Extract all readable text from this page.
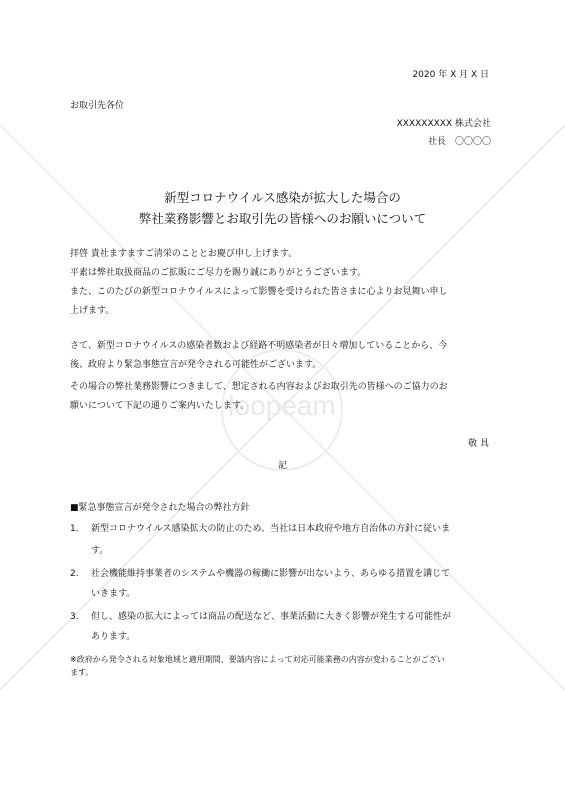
loopeam
2020 年 X 月 X 日
お取引先各位
XXXXXXXXX 株式会社
社長　〇〇〇〇
新型コロナウイルス感染が拡大した場合の
弊社業務影響とお取引先の皆様へのお願いについて
拝啓 貴社ますますご清栄のこととお慶び申し上げます。
平素は弊社取扱商品のご拡販にご尽力を賜り誠にありがとうございます。
また、このたびの新型コロナウイルスによって影響を受けられた皆さまに心よりお見舞い申し
上げます。
さて、新型コロナウイルスの感染者数および経路不明感染者が日々増加していることから、今
後、政府より緊急事態宣言が発令される可能性がございます。
その場合の弊社業務影響につきまして、想定される内容およびお取引先の皆様へのご協力のお
願いについて下記の通りご案内いたします。
敬 具
記
■緊急事態宣言が発令された場合の弊社方針
1. 新型コロナウイルス感染拡大の防止のため、当社は日本政府や地方自治体の方針に従いま
す。
2. 社会機能維持事業者のシステムや機器の稼働に影響が出ないよう、あらゆる措置を講じて
いきます。
3. 但し、感染の拡大によっては商品の配送など、事業活動に大きく影響が発生する可能性が
あります。
※政府から発令される対象地域と適用期間、要請内容によって対応可能業務の内容が変わることがござい
ます。
